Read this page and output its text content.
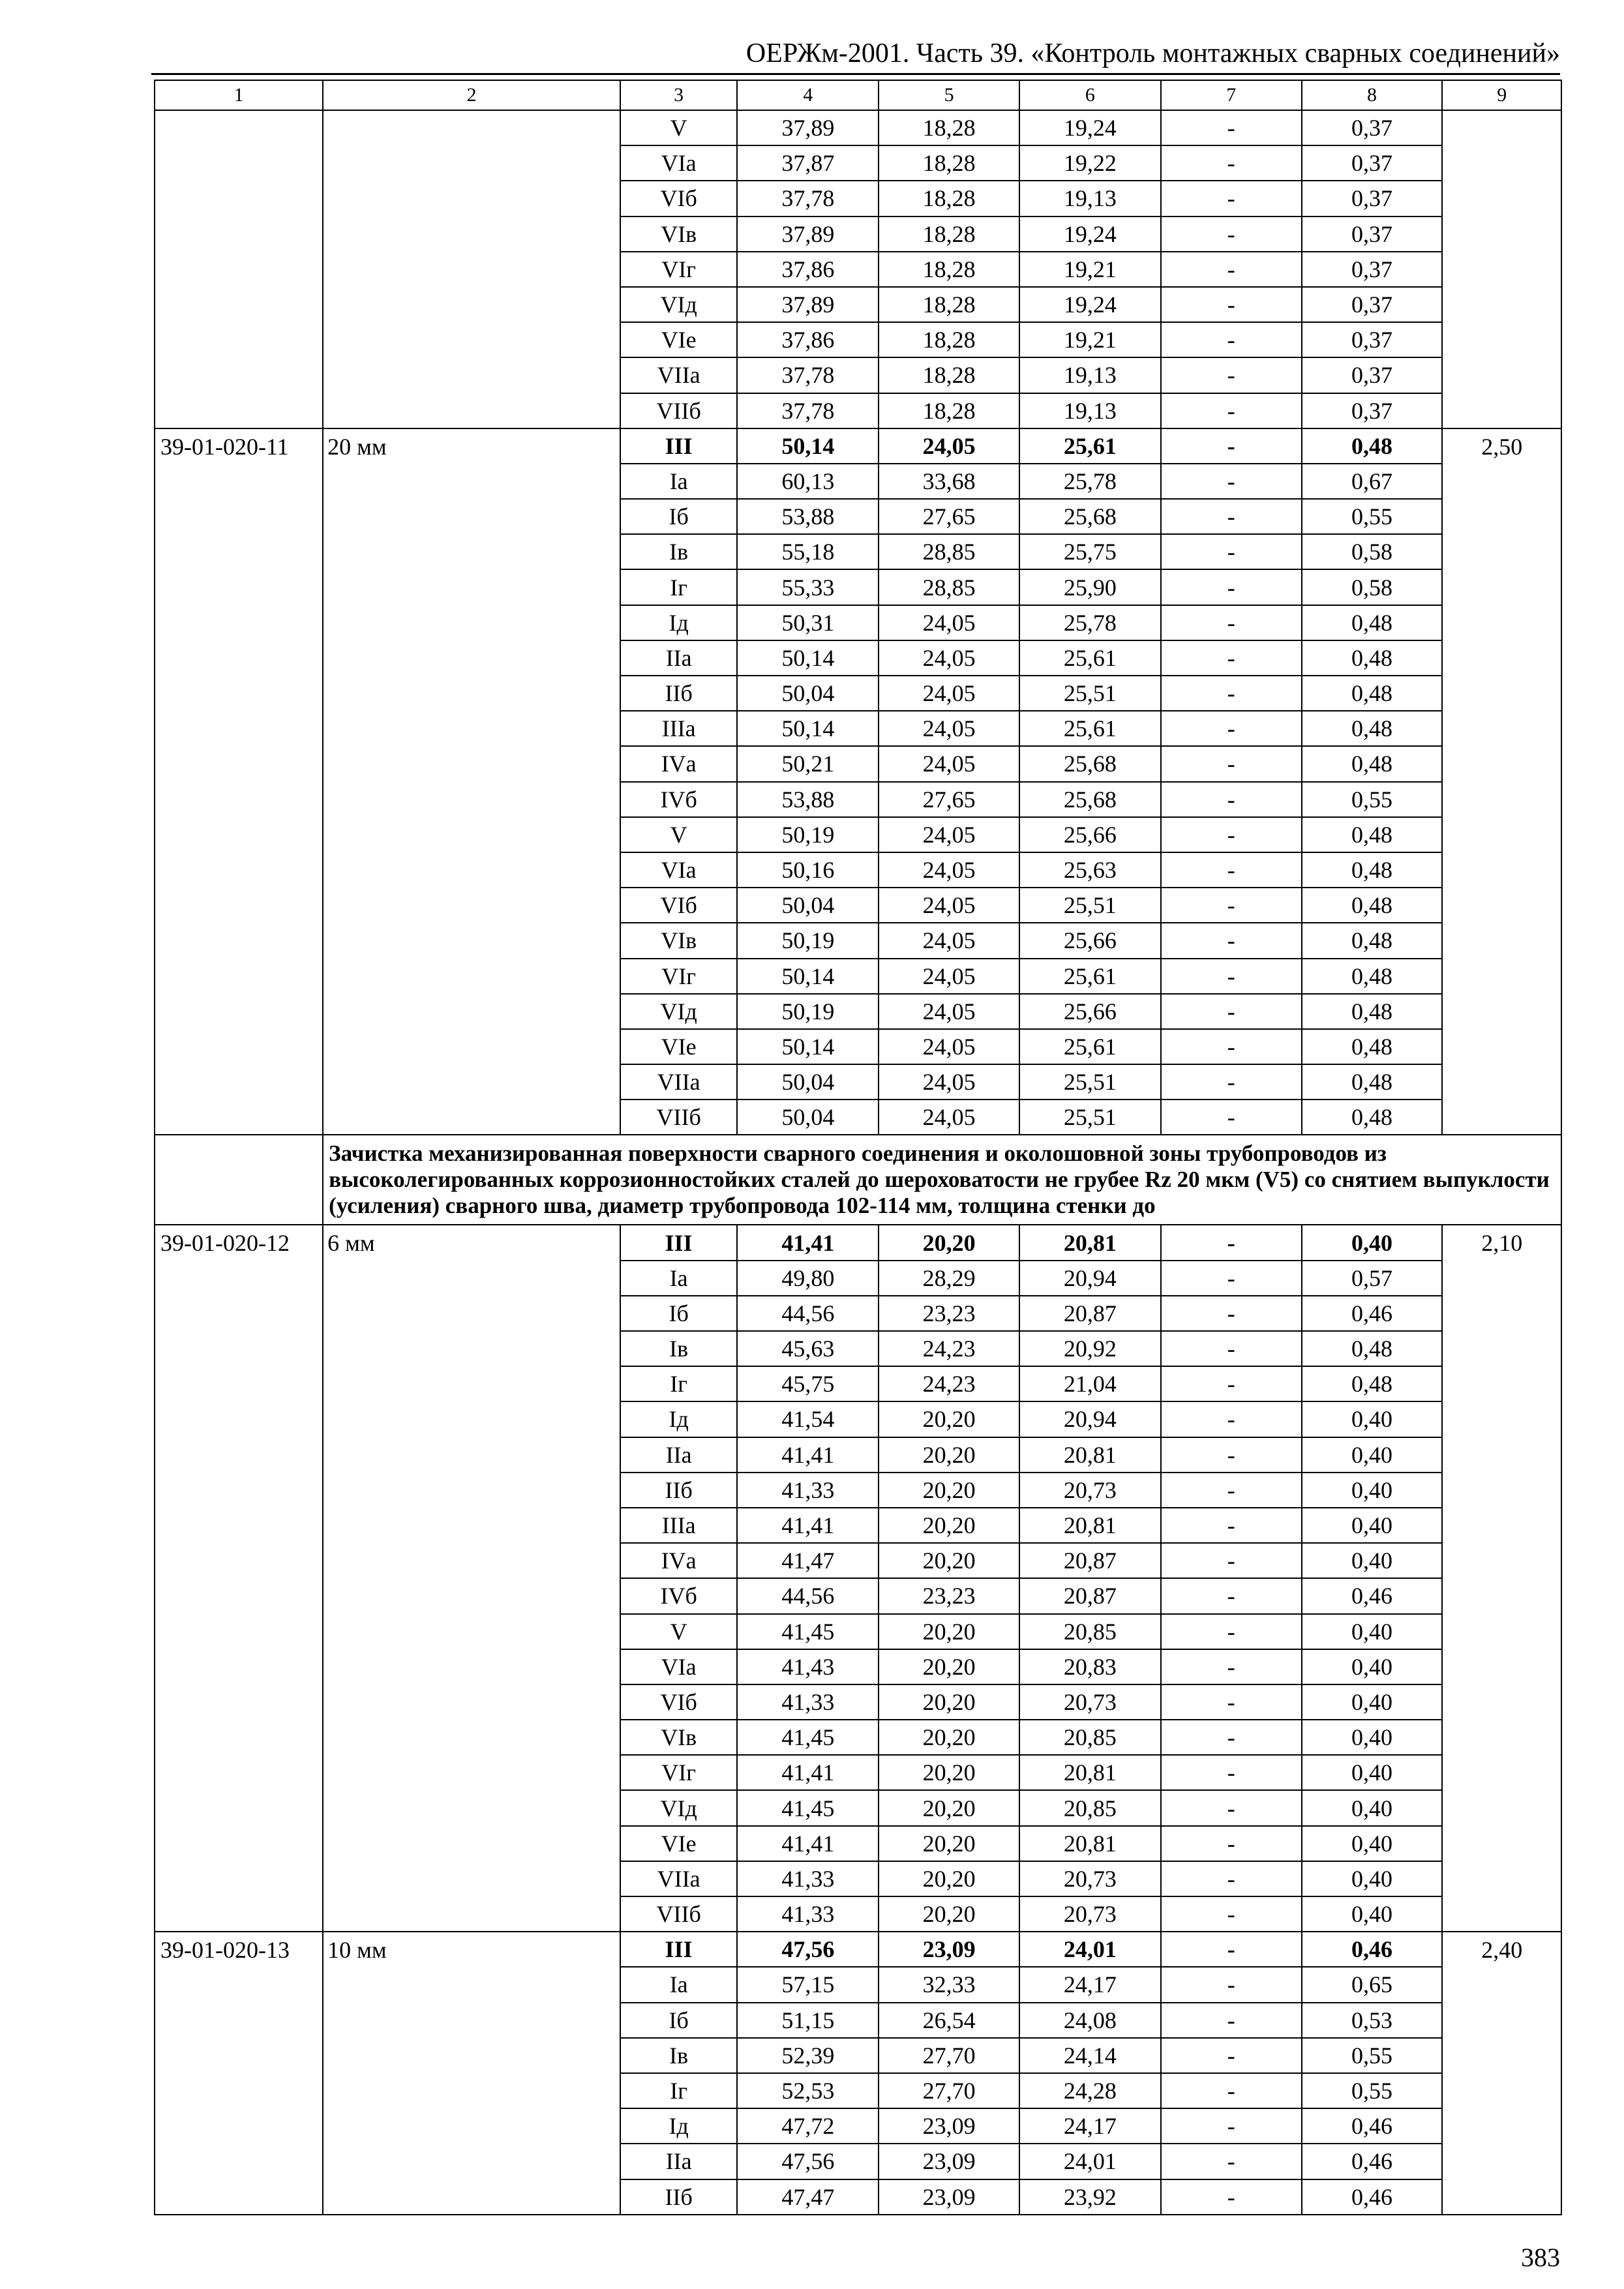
ОЕРЖм-2001. Часть 39. «Контроль монтажных сварных соединений»
1	2	3	4	5	6	7	8	9
		V	37,89	18,28	19,24	-	0,37	
		VIа	37,87	18,28	19,22	-	0,37	
		VIб	37,78	18,28	19,13	-	0,37	
		VIв	37,89	18,28	19,24	-	0,37	
		VIг	37,86	18,28	19,21	-	0,37	
		VIд	37,89	18,28	19,24	-	0,37	
		VIе	37,86	18,28	19,21	-	0,37	
		VIIа	37,78	18,28	19,13	-	0,37	
		VIIб	37,78	18,28	19,13	-	0,37	
39-01-020-11	20 мм	III	50,14	24,05	25,61	-	0,48	2,50
		Iа	60,13	33,68	25,78	-	0,67	
		Iб	53,88	27,65	25,68	-	0,55	
		Iв	55,18	28,85	25,75	-	0,58	
		Iг	55,33	28,85	25,90	-	0,58	
		Iд	50,31	24,05	25,78	-	0,48	
		IIа	50,14	24,05	25,61	-	0,48	
		IIб	50,04	24,05	25,51	-	0,48	
		IIIа	50,14	24,05	25,61	-	0,48	
		IVа	50,21	24,05	25,68	-	0,48	
		IVб	53,88	27,65	25,68	-	0,55	
		V	50,19	24,05	25,66	-	0,48	
		VIа	50,16	24,05	25,63	-	0,48	
		VIб	50,04	24,05	25,51	-	0,48	
		VIв	50,19	24,05	25,66	-	0,48	
		VIг	50,14	24,05	25,61	-	0,48	
		VIд	50,19	24,05	25,66	-	0,48	
		VIе	50,14	24,05	25,61	-	0,48	
		VIIа	50,04	24,05	25,51	-	0,48	
		VIIб	50,04	24,05	25,51	-	0,48	
	Зачистка механизированная поверхности сварного соединения и околошовной зоны трубопроводов из высоколегированных коррозионностойких сталей до шероховатости не грубее Rz 20 мкм (V5) со снятием выпуклости (усиления) сварного шва, диаметр трубопровода 102-114 мм, толщина стенки до							
39-01-020-12	6 мм	III	41,41	20,20	20,81	-	0,40	2,10
		Iа	49,80	28,29	20,94	-	0,57	
		Iб	44,56	23,23	20,87	-	0,46	
		Iв	45,63	24,23	20,92	-	0,48	
		Iг	45,75	24,23	21,04	-	0,48	
		Iд	41,54	20,20	20,94	-	0,40	
		IIа	41,41	20,20	20,81	-	0,40	
		IIб	41,33	20,20	20,73	-	0,40	
		IIIа	41,41	20,20	20,81	-	0,40	
		IVа	41,47	20,20	20,87	-	0,40	
		IVб	44,56	23,23	20,87	-	0,46	
		V	41,45	20,20	20,85	-	0,40	
		VIа	41,43	20,20	20,83	-	0,40	
		VIб	41,33	20,20	20,73	-	0,40	
		VIв	41,45	20,20	20,85	-	0,40	
		VIг	41,41	20,20	20,81	-	0,40	
		VIд	41,45	20,20	20,85	-	0,40	
		VIе	41,41	20,20	20,81	-	0,40	
		VIIа	41,33	20,20	20,73	-	0,40	
		VIIб	41,33	20,20	20,73	-	0,40	
39-01-020-13	10 мм	III	47,56	23,09	24,01	-	0,46	2,40
		Iа	57,15	32,33	24,17	-	0,65	
		Iб	51,15	26,54	24,08	-	0,53	
		Iв	52,39	27,70	24,14	-	0,55	
		Iг	52,53	27,70	24,28	-	0,55	
		Iд	47,72	23,09	24,17	-	0,46	
		IIа	47,56	23,09	24,01	-	0,46	
		IIб	47,47	23,09	23,92	-	0,46	
383
